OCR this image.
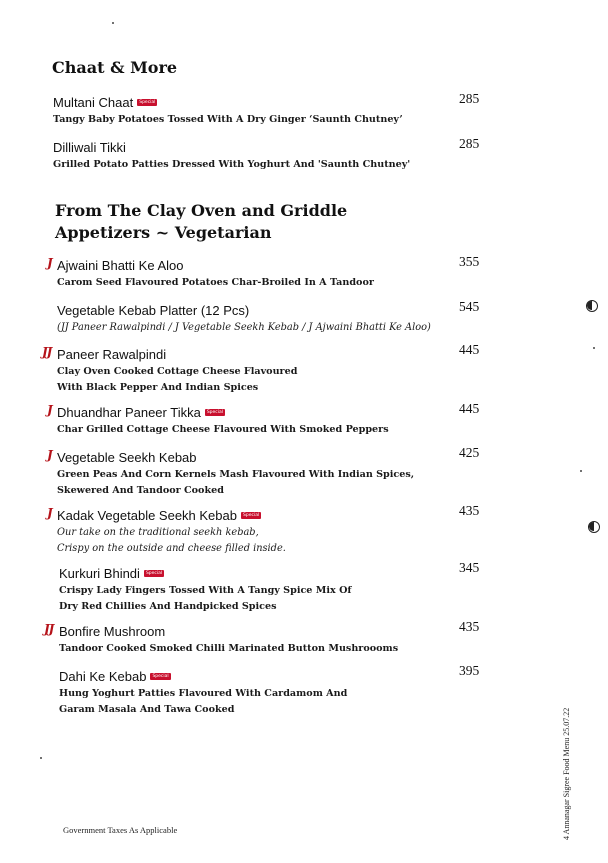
Chaat & More
Multani Chaat	Special
Tangy Baby Potatoes Tossed With A Dry Ginger ‘Saunth Chutney’
285
Dilliwali Tikki
Grilled Potato Patties Dressed With Yoghurt And 'Saunth Chutney'
285
From The Clay Oven and Griddle
Appetizers ~ Vegetarian
J Ajwaini Bhatti Ke Aloo
Carom Seed Flavoured Potatoes Char-Broiled In A Tandoor
355
Vegetable Kebab Platter (12 Pcs)
(JJ Paneer Rawalpindi / J Vegetable Seekh Kebab / J Ajwaini Bhatti Ke Aloo)
545
JJ Paneer Rawalpindi
Clay Oven Cooked Cottage Cheese Flavoured
With Black Pepper And Indian Spices
445
J Dhuandhar Paneer Tikka	Special
Char Grilled Cottage Cheese Flavoured With Smoked Peppers
445
J Vegetable Seekh Kebab
Green Peas And Corn Kernels Mash Flavoured With Indian Spices,
Skewered And Tandoor Cooked
425
J Kadak Vegetable Seekh Kebab	Special
Our take on the traditional seekh kebab,
Crispy on the outside and cheese filled inside.
435
Kurkuri Bhindi	Special
Crispy Lady Fingers Tossed With A Tangy Spice Mix Of
Dry Red Chillies And Handpicked Spices
345
JJ Bonfire Mushroom
Tandoor Cooked Smoked Chilli Marinated Button Mushroooms
435
Dahi Ke Kebab	Special
Hung Yoghurt Patties Flavoured With Cardamom And
Garam Masala And Tawa Cooked
395
Government Taxes As Applicable	4 Annanagar Sigree Food Menu 25.07.22
